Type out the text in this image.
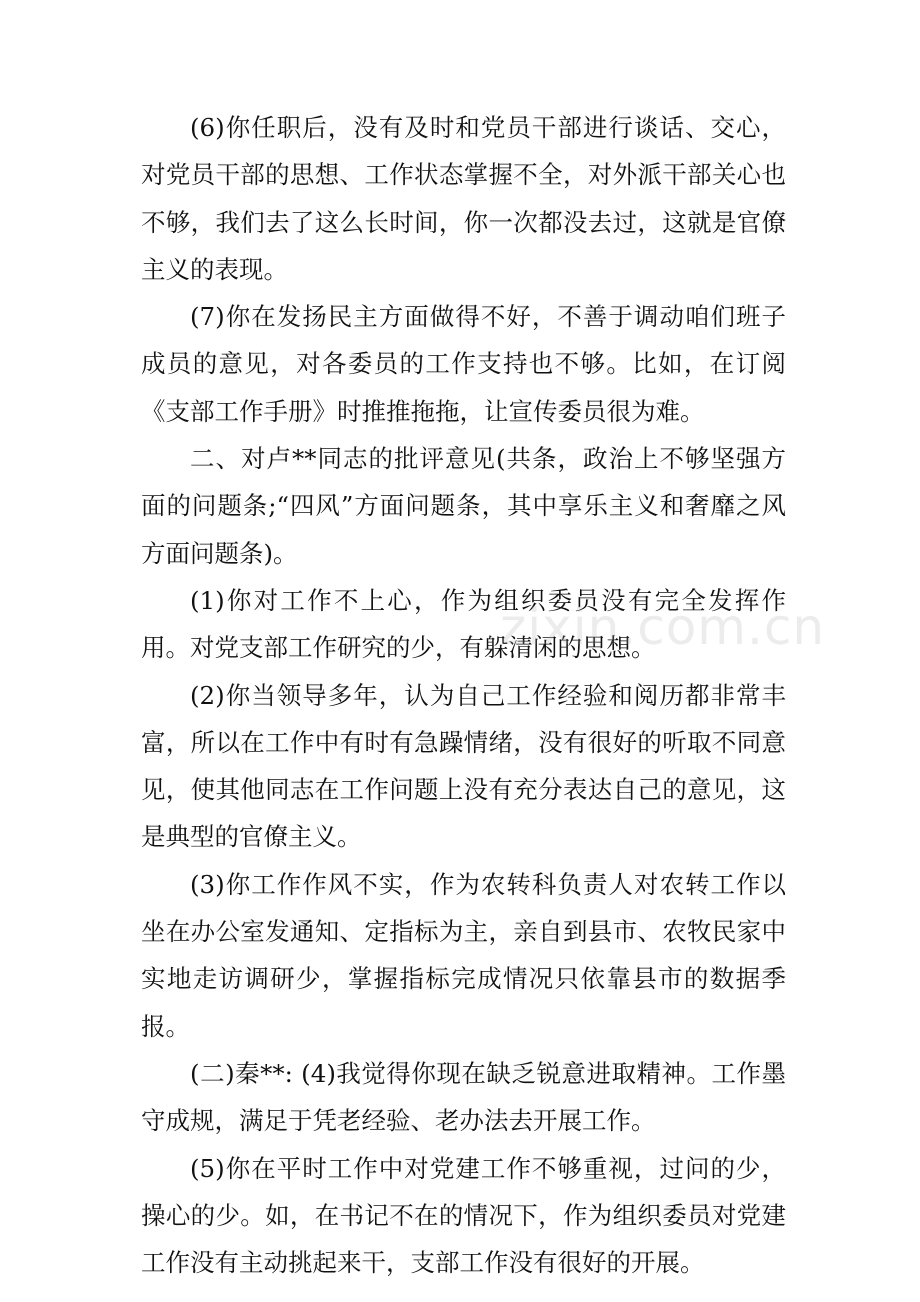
(6)你任职后，没有及时和党员干部进行谈话、交心，对党员干部的思想、工作状态掌握不全，对外派干部关心也不够，我们去了这么长时间，你一次都没去过，这就是官僚主义的表现。

(7)你在发扬民主方面做得不好，不善于调动咱们班子成员的意见，对各委员的工作支持也不够。比如，在订阅《支部工作手册》时推推拖拖，让宣传委员很为难。

二、对卢**同志的批评意见(共条，政治上不够坚强方面的问题条;“四风”方面问题条，其中享乐主义和奢靡之风方面问题条)。

(1)你对工作不上心，作为组织委员没有完全发挥作用。对党支部工作研究的少，有躲清闲的思想。

(2)你当领导多年，认为自己工作经验和阅历都非常丰富，所以在工作中有时有急躁情绪，没有很好的听取不同意见，使其他同志在工作问题上没有充分表达自己的意见，这是典型的官僚主义。

(3)你工作作风不实，作为农转科负责人对农转工作以坐在办公室发通知、定指标为主，亲自到县市、农牧民家中实地走访调研少，掌握指标完成情况只依靠县市的数据季报。

(二)秦**: (4)我觉得你现在缺乏锐意进取精神。工作墨守成规，满足于凭老经验、老办法去开展工作。

(5)你在平时工作中对党建工作不够重视，过问的少，操心的少。如，在书记不在的情况下，作为组织委员对党建工作没有主动挑起来干，支部工作没有很好的开展。

zixin.com.cn
